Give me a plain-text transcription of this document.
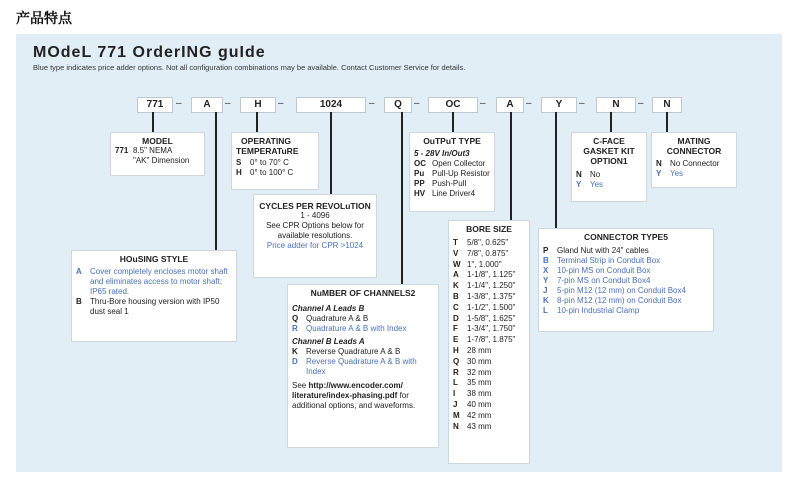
产品特点
MOdeL 771 OrderING guIde
Blue type indicates price adder options. Not all configuration combinations may be available. Contact Customer Service for details.
771	–	A	–	H	–	1024	–	Q	–	OC	–	A	–	Y	–	N	–	N
MODEL
771 8.5" NEMA
"AK" Dimension
OPERATING TEMPERATuRE
S	0° to 70° C
H	0° to 100° C
CYCLES PER REVOLuTION
1 - 4096
See CPR Options below for available resolutions.
Price adder for CPR >1024
HOuSING STYLE
A	Cover completely encloses motor shaft and eliminates access to motor shaft; IP65 rated.
B	Thru-Bore housing version with IP50 dust seal 1
NuMBER OF CHANNELS2
Channel A Leads B
Q Quadrature A & B
R	Quadrature A & B with Index
Channel B Leads A
K	Reverse Quadrature A & B
D	Reverse Quadrature A & B with Index
See http://www.encoder.com/ literature/index-phasing.pdf for additional options, and waveforms.
OuTPuT TYPE
5 - 28V In/Out3
OC Open Collector
Pu Pull-Up Resistor
PP Push-Pull
HV Line Driver4
BORE SIZE
T	5/8", 0.625"
V	7/8", 0.875"
W 1", 1.000"
A	1-1/8", 1.125"
K	1-1/4", 1.250"
B	1-3/8", 1.375"
C	1-1/2", 1.500"
D	1-5/8", 1.625"
F	1-3/4", 1.750"
E	1-7/8", 1.875"
H	28 mm
Q 30 mm
R	32 mm
L	35 mm
I	38 mm
J	40 mm
M 42 mm
N	43 mm
C-FACE GASKET KIT OPTION1
N	No
Y	Yes
MATING CONNECTOR
N	No Connector
Y	Yes
CONNECTOR TYPE5
P	Gland Nut with 24" cables
B	Terminal Strip in Conduit Box
X	10-pin MS on Conduit Box
Y	7-pin MS on Conduit Box4
J	5-pin M12 (12 mm) on Conduit Box4
K	8-pin M12 (12 mm) on Conduit Box
L	10-pin Industrial Clamp
